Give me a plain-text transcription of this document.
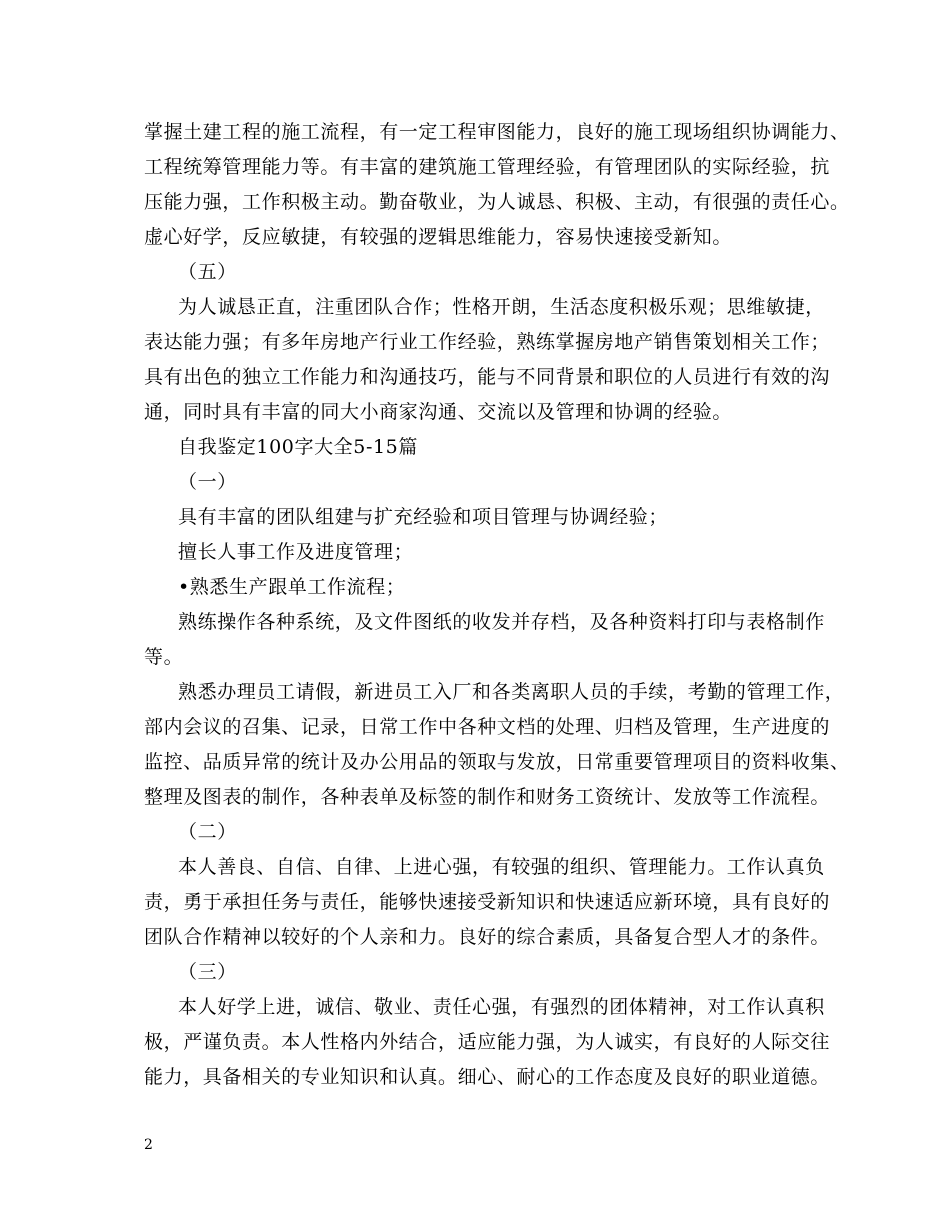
掌握土建工程的施工流程，有一定工程审图能力，良好的施工现场组织协调能力、
工程统筹管理能力等。有丰富的建筑施工管理经验，有管理团队的实际经验，抗
压能力强，工作积极主动。勤奋敬业，为人诚恳、积极、主动，有很强的责任心。
虚心好学，反应敏捷，有较强的逻辑思维能力，容易快速接受新知。
（五）
为人诚恳正直，注重团队合作；性格开朗，生活态度积极乐观；思维敏捷，
表达能力强；有多年房地产行业工作经验，熟练掌握房地产销售策划相关工作；
具有出色的独立工作能力和沟通技巧，能与不同背景和职位的人员进行有效的沟
通，同时具有丰富的同大小商家沟通、交流以及管理和协调的经验。
自我鉴定100字大全5-15篇
（一）
具有丰富的团队组建与扩充经验和项目管理与协调经验；
擅长人事工作及进度管理；
•熟悉生产跟单工作流程；
熟练操作各种系统，及文件图纸的收发并存档，及各种资料打印与表格制作
等。
熟悉办理员工请假，新进员工入厂和各类离职人员的手续，考勤的管理工作，
部内会议的召集、记录，日常工作中各种文档的处理、归档及管理，生产进度的
监控、品质异常的统计及办公用品的领取与发放，日常重要管理项目的资料收集、
整理及图表的制作，各种表单及标签的制作和财务工资统计、发放等工作流程。
（二）
本人善良、自信、自律、上进心强，有较强的组织、管理能力。工作认真负
责，勇于承担任务与责任，能够快速接受新知识和快速适应新环境，具有良好的
团队合作精神以较好的个人亲和力。良好的综合素质，具备复合型人才的条件。
（三）
本人好学上进，诚信、敬业、责任心强，有强烈的团体精神，对工作认真积
极，严谨负责。本人性格内外结合，适应能力强，为人诚实，有良好的人际交往
能力，具备相关的专业知识和认真。细心、耐心的工作态度及良好的职业道德。
2
